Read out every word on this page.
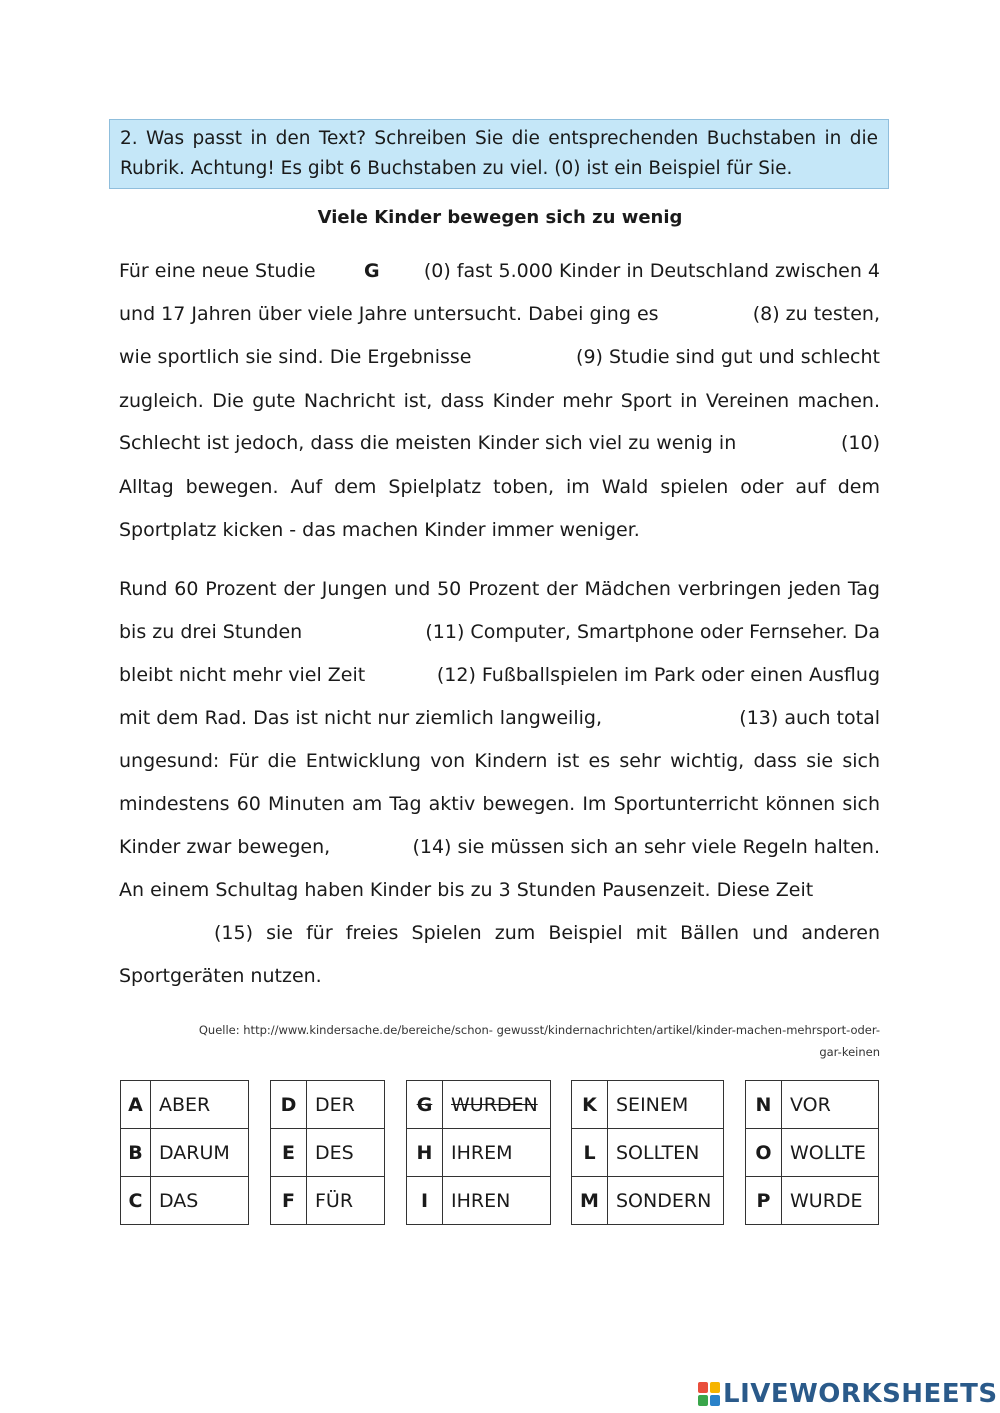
2. Was passt in den Text? Schreiben Sie die entsprechenden Buchstaben in die Rubrik. Achtung! Es gibt 6 Buchstaben zu viel. (0) ist ein Beispiel für Sie.
Viele Kinder bewegen sich zu wenig
Für eine neue Studie	G (0) fast 5.000 Kinder in Deutschland zwischen 4
und 17 Jahren über viele Jahre untersucht. Dabei ging es	(8) zu testen,
wie sportlich sie sind. Die Ergebnisse	(9) Studie sind gut und schlecht
zugleich. Die gute Nachricht ist, dass Kinder mehr Sport in Vereinen machen.
Schlecht ist jedoch, dass die meisten Kinder sich viel zu wenig in	(10)
Alltag bewegen. Auf dem Spielplatz toben, im Wald spielen oder auf dem
Sportplatz kicken - das machen Kinder immer weniger.
Rund 60 Prozent der Jungen und 50 Prozent der Mädchen verbringen jeden Tag
bis zu drei Stunden	(11) Computer, Smartphone oder Fernseher. Da
bleibt nicht mehr viel Zeit	(12) Fußballspielen im Park oder einen Ausflug
mit dem Rad. Das ist nicht nur ziemlich langweilig,	(13) auch total
ungesund: Für die Entwicklung von Kindern ist es sehr wichtig, dass sie sich
mindestens 60 Minuten am Tag aktiv bewegen. Im Sportunterricht können sich
Kinder zwar bewegen,	(14) sie müssen sich an sehr viele Regeln halten.
An einem Schultag haben Kinder bis zu 3 Stunden Pausenzeit. Diese Zeit
(15) sie für freies Spielen zum Beispiel mit Bällen und anderen
Sportgeräten nutzen.
Quelle: http://www.kindersache.de/bereiche/schon- gewusst/kindernachrichten/artikel/kinder-machen-mehrsport-oder-
gar-keinen
A	ABER
B	DARUM
C	DAS
D	DER
E	DES
F	FÜR
G	WURDEN
H	IHREM
I	IHREN
K	SEINEM
L	SOLLTEN
M	SONDERN
N	VOR
O	WOLLTE
P	WURDE
LIVEWORKSHEETS
